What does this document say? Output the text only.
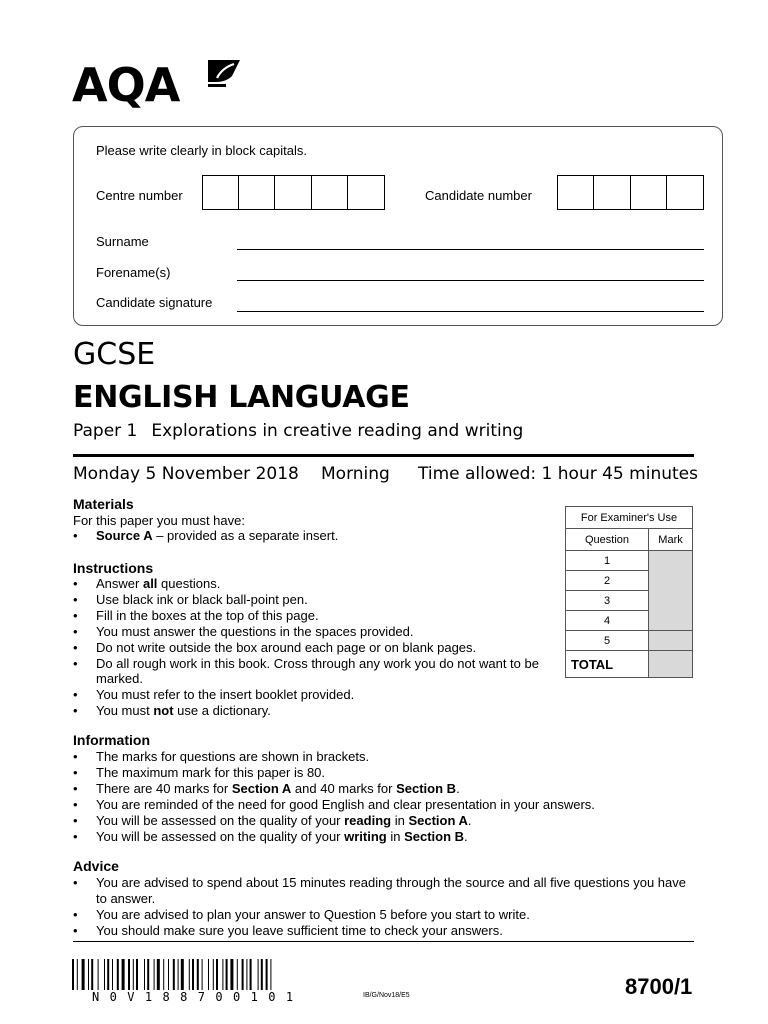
AQA
Please write clearly in block capitals.
Centre number	Candidate number
Surname
Forename(s)
Candidate signature
GCSE
ENGLISH LANGUAGE
Paper 1 Explorations in creative reading and writing
Monday 5 November 2018 Morning Time allowed: 1 hour 45 minutes
Materials
For this paper you must have:
• Source A – provided as a separate insert.
Instructions
• Answer all questions.
• Use black ink or black ball-point pen.
• Fill in the boxes at the top of this page.
• You must answer the questions in the spaces provided.
• Do not write outside the box around each page or on blank pages.
• Do all rough work in this book. Cross through any work you do not want to be marked.
• You must refer to the insert booklet provided.
• You must not use a dictionary.
For Examiner's Use	
Question	Mark
1	
2	
3	
4	
5	
TOTAL	
Information
• The marks for questions are shown in brackets.
• The maximum mark for this paper is 80.
• There are 40 marks for Section A and 40 marks for Section B.
• You are reminded of the need for good English and clear presentation in your answers.
• You will be assessed on the quality of your reading in Section A.
• You will be assessed on the quality of your writing in Section B.
Advice
• You are advised to spend about 15 minutes reading through the source and all five questions you have to answer.
• You are advised to plan your answer to Question 5 before you start to write.
• You should make sure you leave sufficient time to check your answers.
N0V188700101	IB/G/Nov18/E5	8700/1
